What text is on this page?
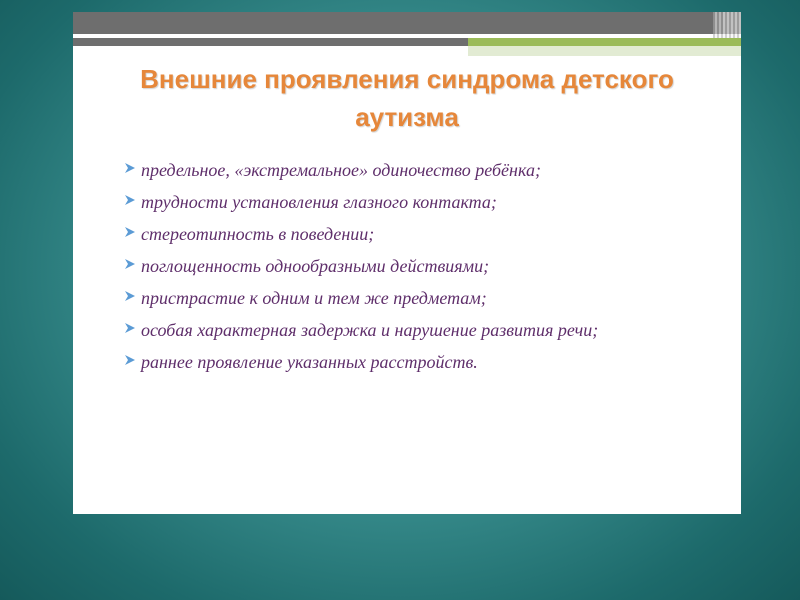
Внешние проявления синдрома детского аутизма
предельное, «экстремальное» одиночество ребёнка;
трудности установления глазного контакта;
стереотипность в поведении;
поглощенность однообразными действиями;
пристрастие к одним и тем же предметам;
особая характерная задержка и нарушение развития речи;
раннее проявление указанных расстройств.
